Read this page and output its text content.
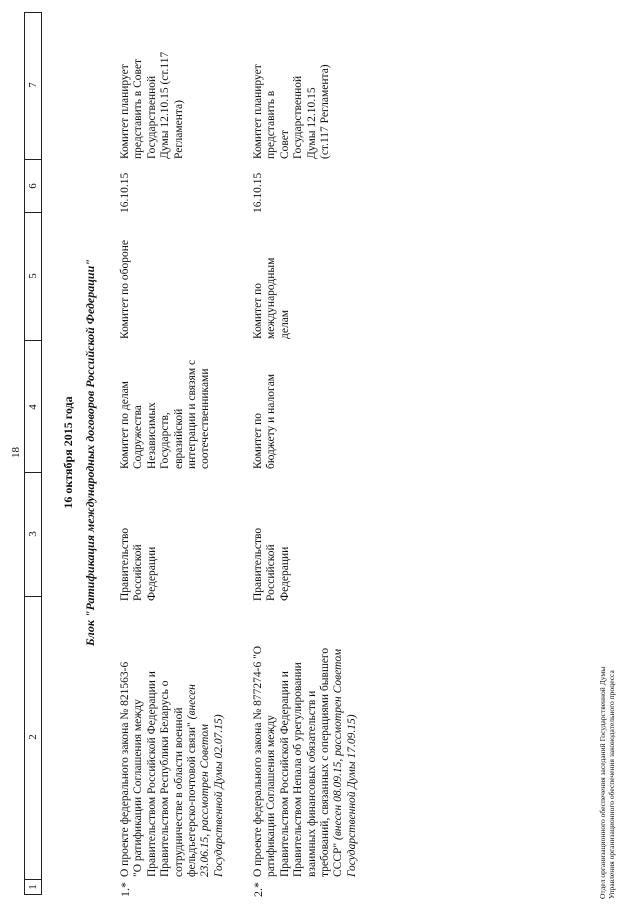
18
1
2
3
4
5
6
7
16 октября 2015 года Блок "Ратификация международных договоров Российской Федерации"
1.*
О проекте федерального закона № 821563-6 "О ратификации Соглашения между Правительством Российской Федерации и Правительством Республики Беларусь о сотрудничестве в области военной фельдъегерско-почтовой связи" (внесен 23.06.15, рассмотрен Советом Государственной Думы 02.07.15)
Правительство Российской Федерации
Комитет по делам Содружества Независимых Государств, евразийской интеграции и связям с соотечественниками
Комитет по обороне
16.10.15
Комитет планирует представить в Совет Государственной Думы 12.10.15 (ст.117 Регламента)
2.*
О проекте федерального закона № 877274-6 "О ратификации Соглашения между Правительством Российской Федерации и Правительством Непала об урегулировании взаимных финансовых обязательств и требований, связанных с операциями бывшего СССР" (внесен 08.09.15, рассмотрен Советом Государственной Думы 17.09.15)
Правительство Российской Федерации
Комитет по бюджету и налогам
Комитет по международным делам
16.10.15
Комитет планирует представить в Совет Государственной Думы 12.10.15 (ст.117 Регламента)
Отдел организационного обеспечения заседаний Государственной Думы Управления организационного обеспечения законодательного процесса
